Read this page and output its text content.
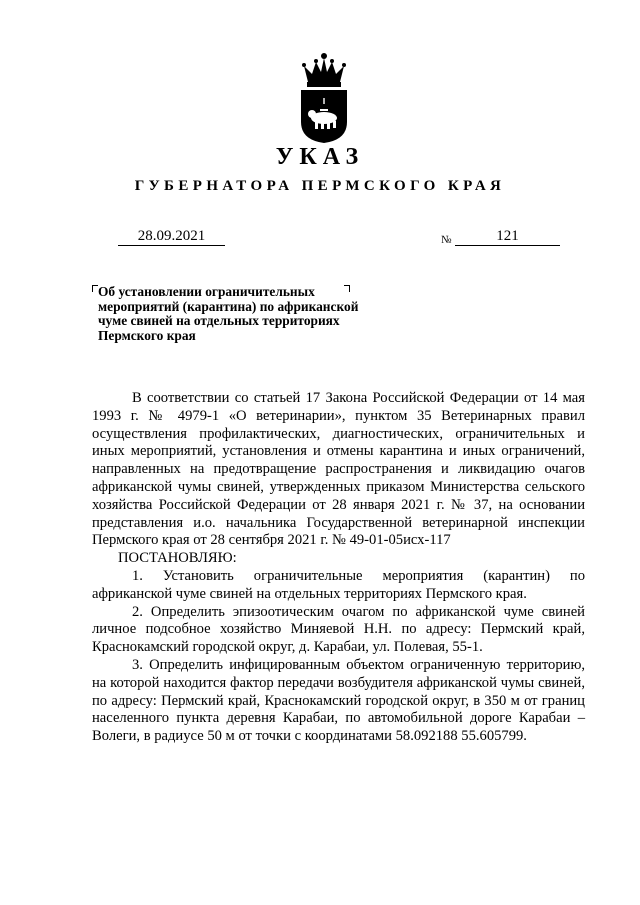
УКАЗ
ГУБЕРНАТОРА ПЕРМСКОГО КРАЯ
28.09.2021	№	121
Об установлении ограничительных
мероприятий (карантина) по африканской
чуме свиней на отдельных территориях
Пермского края

В соответствии со статьей 17 Закона Российской Федерации от 14 мая 1993 г. № 4979-1 «О ветеринарии», пунктом 35 Ветеринарных правил осуществления профилактических, диагностических, ограничительных и иных мероприятий, установления и отмены карантина и иных ограничений, направленных на предотвращение распространения и ликвидацию очагов африканской чумы свиней, утвержденных приказом Министерства сельского хозяйства Российской Федерации от 28 января 2021 г. № 37, на основании представления и.о. начальника Государственной ветеринарной инспекции Пермского края от 28 сентября 2021 г. № 49-01-05исх-117

ПОСТАНОВЛЯЮ:

1. Установить ограничительные мероприятия (карантин) по африканской чуме свиней на отдельных территориях Пермского края.

2. Определить эпизоотическим очагом по африканской чуме свиней личное подсобное хозяйство Миняевой Н.Н. по адресу: Пермский край, Краснокамский городской округ, д. Карабаи, ул. Полевая, 55-1.

3. Определить инфицированным объектом ограниченную территорию, на которой находится фактор передачи возбудителя африканской чумы свиней, по адресу: Пермский край, Краснокамский городской округ, в 350 м от границ населенного пункта деревня Карабаи, по автомобильной дороге Карабаи – Волеги, в радиусе 50 м от точки с координатами 58.092188 55.605799.
